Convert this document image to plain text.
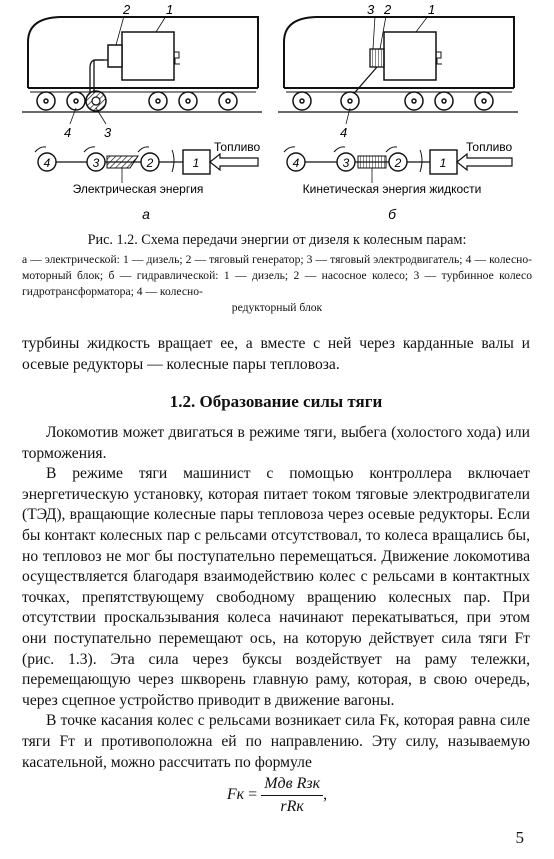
2	1
4	3
4	3	2	1
Топливо
Электрическая энергия
а
3 2	1
4
4	3	2	1
Топливо
Кинетическая энергия жидкости
б
Рис. 1.2. Схема передачи энергии от дизеля к колесным парам:
а — электрической: 1 — дизель; 2 — тяговый генератор; 3 — тяговый электродвигатель; 4 — колесно-моторный блок; б — гидравлической: 1 — дизель; 2 — насосное колесо; 3 — турбинное колесо гидротрансформатора; 4 — колесно-
редукторный блок

турбины жидкость вращает ее, а вместе с ней через карданные валы и осевые редукторы — колесные пары тепловоза.

1.2. Образование силы тяги

Локомотив может двигаться в режиме тяги, выбега (холостого хода) или торможения.

В режиме тяги машинист с помощью контроллера включает энергетическую установку, которая питает током тяговые электродвигатели (ТЭД), вращающие колесные пары тепловоза через осевые редукторы. Если бы контакт колесных пар с рельсами отсутствовал, то колеса вращались бы, но тепловоз не мог бы поступательно перемещаться. Движение локомотива осуществляется благодаря взаимодействию колес с рельсами в контактных точках, препятствующему свободному вращению колесных пар. При отсутствии проскальзывания колеса начинают перекатываться, при этом они поступательно перемещают ось, на которую действует сила тяги Fт (рис. 1.3). Эта сила через буксы воздействует на раму тележки, перемещающую через шкворень главную раму, которая, в свою очередь, через сцепное устройство приводит в движение вагоны.

В точке касания колес с рельсами возникает сила Fк, которая равна силе тяги Fт и противоположна ей по направлению. Эту силу, называемую касательной, можно рассчитать по формуле

Fк = $\frac{\text{Mдв Rзк}}{\text{rRк}}$ ,
5
